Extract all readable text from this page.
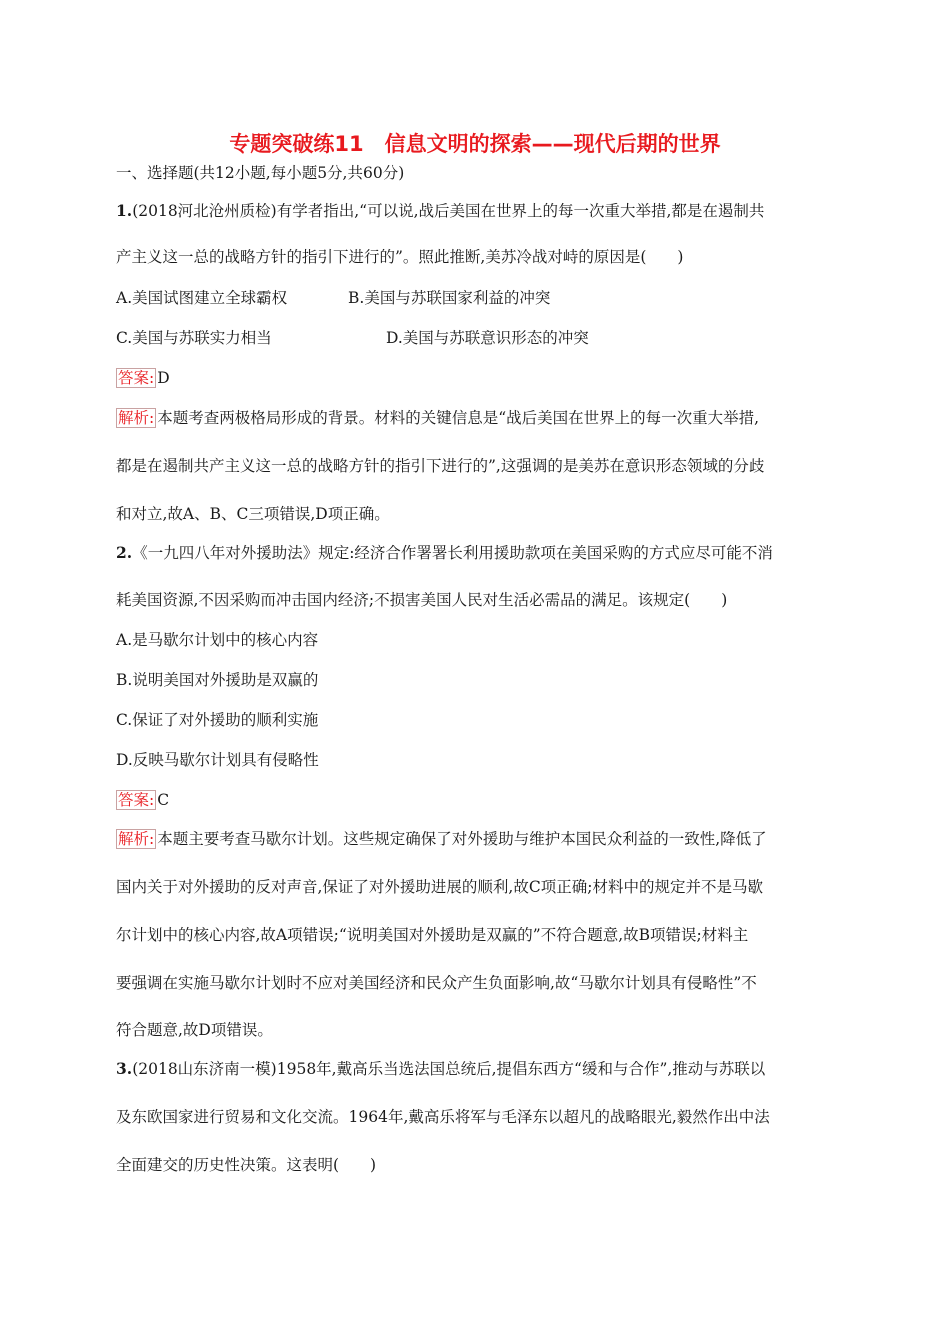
专题突破练11　信息文明的探索——现代后期的世界
一、选择题(共12小题,每小题5分,共60分)
1.(2018河北沧州质检)有学者指出,“可以说,战后美国在世界上的每一次重大举措,都是在遏制共
产主义这一总的战略方针的指引下进行的”。照此推断,美苏冷战对峙的原因是(　　)
A.美国试图建立全球霸权	B.美国与苏联国家利益的冲突
C.美国与苏联实力相当	D.美国与苏联意识形态的冲突
答案: D
解析: 本题考查两极格局形成的背景。材料的关键信息是“战后美国在世界上的每一次重大举措,
都是在遏制共产主义这一总的战略方针的指引下进行的”,这强调的是美苏在意识形态领域的分歧
和对立,故A、B、C三项错误,D项正确。
2.《一九四八年对外援助法》规定:经济合作署署长利用援助款项在美国采购的方式应尽可能不消
耗美国资源,不因采购而冲击国内经济;不损害美国人民对生活必需品的满足。该规定(　　)
A.是马歇尔计划中的核心内容
B.说明美国对外援助是双赢的
C.保证了对外援助的顺利实施
D.反映马歇尔计划具有侵略性
答案: C
解析: 本题主要考查马歇尔计划。这些规定确保了对外援助与维护本国民众利益的一致性,降低了
国内关于对外援助的反对声音,保证了对外援助进展的顺利,故C项正确;材料中的规定并不是马歇
尔计划中的核心内容,故A项错误;“说明美国对外援助是双赢的”不符合题意,故B项错误;材料主
要强调在实施马歇尔计划时不应对美国经济和民众产生负面影响,故“马歇尔计划具有侵略性”不
符合题意,故D项错误。
3.(2018山东济南一模)1958年,戴高乐当选法国总统后,提倡东西方“缓和与合作”,推动与苏联以
及东欧国家进行贸易和文化交流。1964年,戴高乐将军与毛泽东以超凡的战略眼光,毅然作出中法
全面建交的历史性决策。这表明(　　)
